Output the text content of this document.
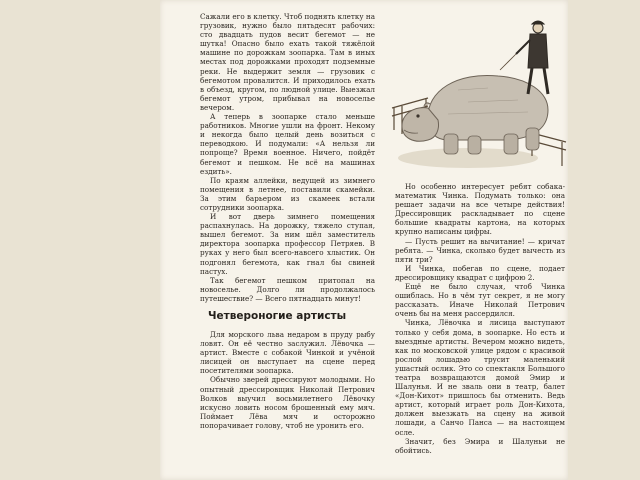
Сажали его в клетку. Чтоб поднять клетку на грузовик, нужно было пятьдесят рабочих: сто двадцать пудов весит бегемот — не шутка! Опасно было ехать такой тяжёлой машине по дорожкам зоопарка. Там в иных местах под дорожками проходят подземные реки. Не выдержит земля — грузовик с бегемотом провалится. И приходилось ехать в объезд, кругом, по людной улице. Выезжал бегемот утром, прибывал на новоселье вечером.

А теперь в зоопарке стало меньше работников. Многие ушли на фронт. Некому и некогда было целый день возиться с переводкою. И подумали: «А нельзя ли попроще? Время военное. Ничего, пойдёт бегемот и пешком. Не всё на машинах ездить».

По краям аллейки, ведущей из зимнего помещения в летнее, поставили скамейки. За этим барьером из скамеек встали сотрудники зоопарка.

И вот дверь зимнего помещения распахнулась. На дорожку, тяжело ступая, вышел бегемот. За ним шёл заместитель директора зоопарка профессор Петряев. В руках у него был всего-навсего хлыстик. Он подгонял бегемота, как гнал бы свиней пастух.

Так бегемот пешком притопал на новоселье. Долго ли продолжалось путешествие? — Всего пятнадцать минут!

Четвероногие артисты

Для морского льва недаром в пруду рыбу ловят. Он её честно заслужил. Лёвочка — артист. Вместе с собакой Чинкой и учёной лисицей он выступает на сцене перед посетителями зоопарка.

Обычно зверей дрессируют молодыми. Но опытный дрессировщик Николай Петрович Волков выучил восьмилетнего Лёвочку искусно ловить носом брошенный ему мяч. Поймает Лёва мяч и осторожно попорачивает голову, чтоб не уронить его.

Но особенно интересует ребят собака-математик Чинка. Подумать только: она решает задачи на все четыре действия! Дрессировщик раскладывает по сцене большие квадраты картона, на которых крупно написаны цифры.

— Пусть решит на вычитание! — кричат ребята. — Чинка, сколько будет вычесть из пяти три?

И Чинка, побегав по сцене, подает дрессировщику квадрат с цифрою 2.

Ещё не было случая, чтоб Чинка ошиблась. Но в чём тут секрет, я не могу рассказать. Иначе Николай Петрович очень бы на меня рассердился.

Чинка, Лёвочка и лисица выступают только у себя дома, в зоопарке. Но есть и выездные артисты. Вечером можно видеть, как по московской улице рядом с красивой рослой лошадью трусит маленький ушастый ослик. Это со спектакля Большого театра возвращаются домой Эмир и Шалунья. И не зваль они в театр, балет «Дон-Кихот» пришлось бы отменить. Ведь артист, который играет роль Дон-Кихота, должен выезжать на сцену на живой лошади, а Санчо Панса — на настоящем осле.

Значит, без Эмира и Шалуньи не обойтись.
